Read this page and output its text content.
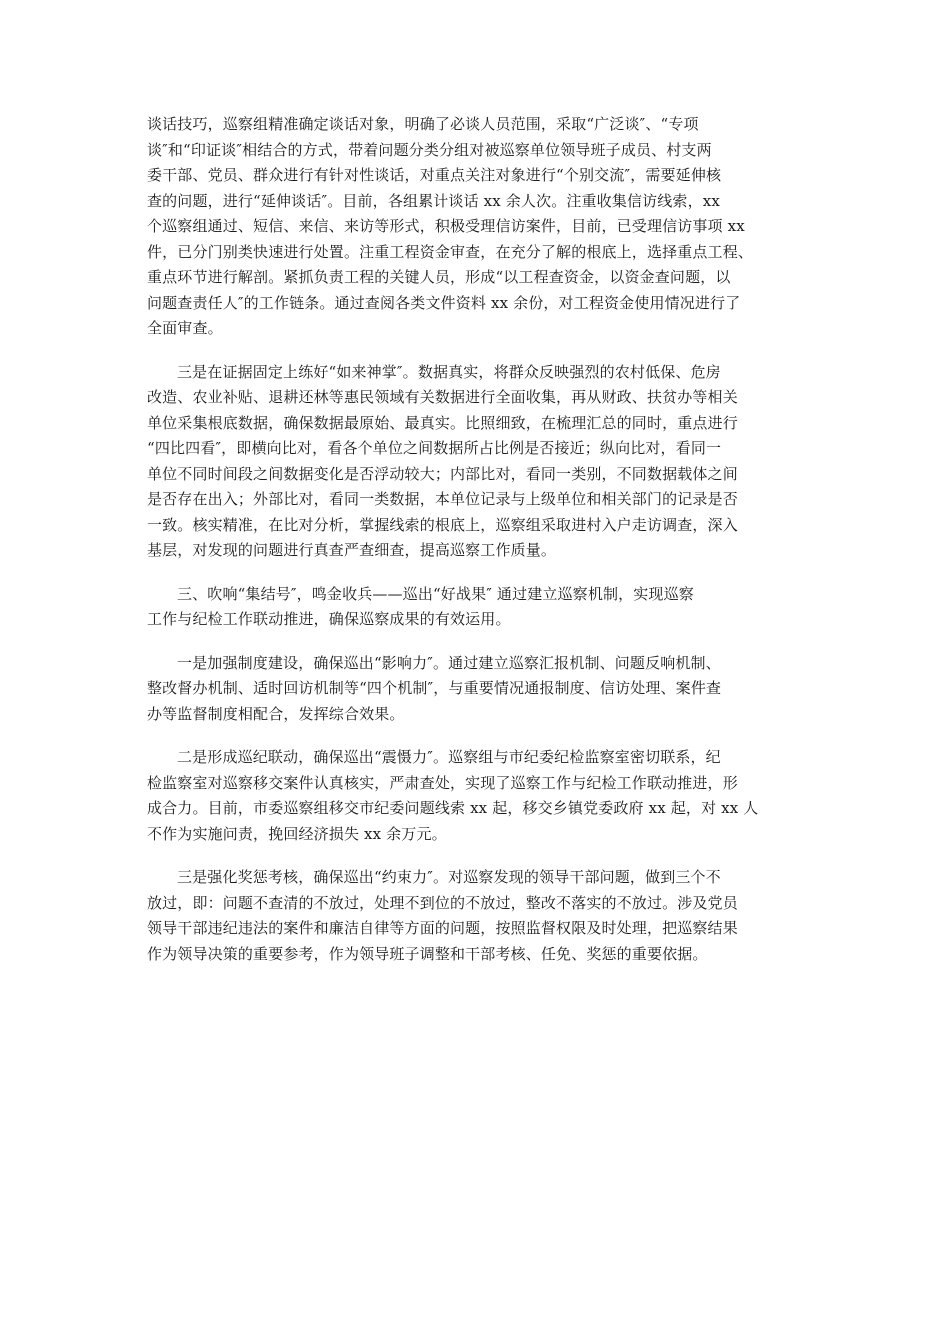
谈话技巧，巡察组精准确定谈话对象，明确了必谈人员范围，采取“广泛谈″、“专项
谈″和“印证谈″相结合的方式，带着问题分类分组对被巡察单位领导班子成员、村支两
委干部、党员、群众进行有针对性谈话，对重点关注对象进行“个别交流″，需要延伸核
查的问题，进行“延伸谈话″。目前，各组累计谈话 xx 余人次。注重收集信访线索，xx
个巡察组通过、短信、来信、来访等形式，积极受理信访案件，目前，已受理信访事项 xx
件，已分门别类快速进行处置。注重工程资金审查，在充分了解的根底上，选择重点工程、
重点环节进行解剖。紧抓负责工程的关键人员，形成“以工程查资金，以资金查问题，以
问题查责任人″的工作链条。通过查阅各类文件资料 xx 余份，对工程资金使用情况进行了
全面审查。
三是在证据固定上练好“如来神掌″。数据真实，将群众反映强烈的农村低保、危房
改造、农业补贴、退耕还林等惠民领域有关数据进行全面收集，再从财政、扶贫办等相关
单位采集根底数据，确保数据最原始、最真实。比照细致，在梳理汇总的同时，重点进行
“四比四看″，即横向比对，看各个单位之间数据所占比例是否接近；纵向比对，看同一
单位不同时间段之间数据变化是否浮动较大；内部比对，看同一类别，不同数据载体之间
是否存在出入；外部比对，看同一类数据，本单位记录与上级单位和相关部门的记录是否
一致。核实精准，在比对分析，掌握线索的根底上，巡察组采取进村入户走访调查，深入
基层，对发现的问题进行真查严查细查，提高巡察工作质量。
三、吹响“集结号″，鸣金收兵——巡出“好战果″ 通过建立巡察机制，实现巡察
工作与纪检工作联动推进，确保巡察成果的有效运用。
一是加强制度建设，确保巡出“影响力″。通过建立巡察汇报机制、问题反响机制、
整改督办机制、适时回访机制等“四个机制″，与重要情况通报制度、信访处理、案件查
办等监督制度相配合，发挥综合效果。
二是形成巡纪联动，确保巡出“震慑力″。巡察组与市纪委纪检监察室密切联系，纪
检监察室对巡察移交案件认真核实，严肃查处，实现了巡察工作与纪检工作联动推进，形
成合力。目前，市委巡察组移交市纪委问题线索 xx 起，移交乡镇党委政府 xx 起，对 xx 人
不作为实施问责，挽回经济损失 xx 余万元。
三是强化奖惩考核，确保巡出“约束力″。对巡察发现的领导干部问题，做到三个不
放过，即：问题不查清的不放过，处理不到位的不放过，整改不落实的不放过。涉及党员
领导干部违纪违法的案件和廉洁自律等方面的问题，按照监督权限及时处理，把巡察结果
作为领导决策的重要参考，作为领导班子调整和干部考核、任免、奖惩的重要依据。
